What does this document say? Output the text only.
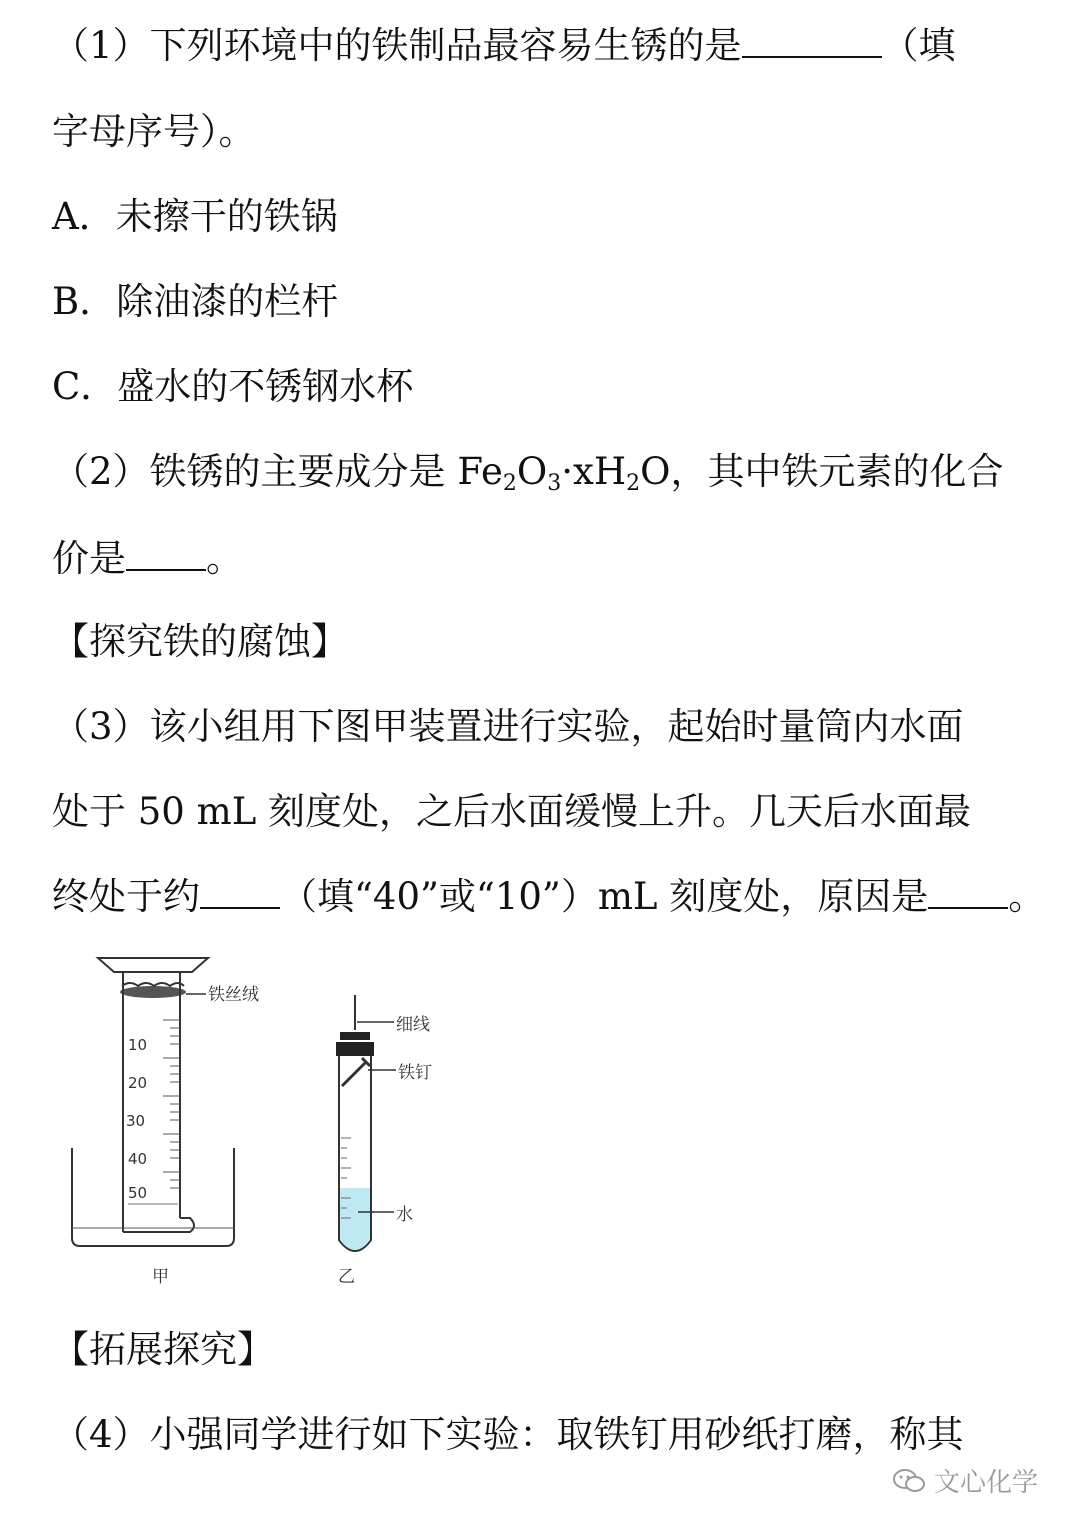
（1）下列环境中的铁制品最容易生锈的是	（填
字母序号）。
A．未擦干的铁锅
B．除油漆的栏杆
C．盛水的不锈钢水杯
（2）铁锈的主要成分是 $Fe_2O_3\cdot xH_2O$，其中铁元素的化合
价是 。
【探究铁的腐蚀】
（3）该小组用下图甲装置进行实验，起始时量筒内水面
处于 50 mL 刻度处，之后水面缓慢上升。几天后水面最
终处于约 （填“40”或“10”）mL 刻度处，原因是 。
10
20
30
40
50
铁丝绒
甲
细线
铁钉
水
乙
【拓展探究】
（4）小强同学进行如下实验：取铁钉用砂纸打磨，称其
文心化学
